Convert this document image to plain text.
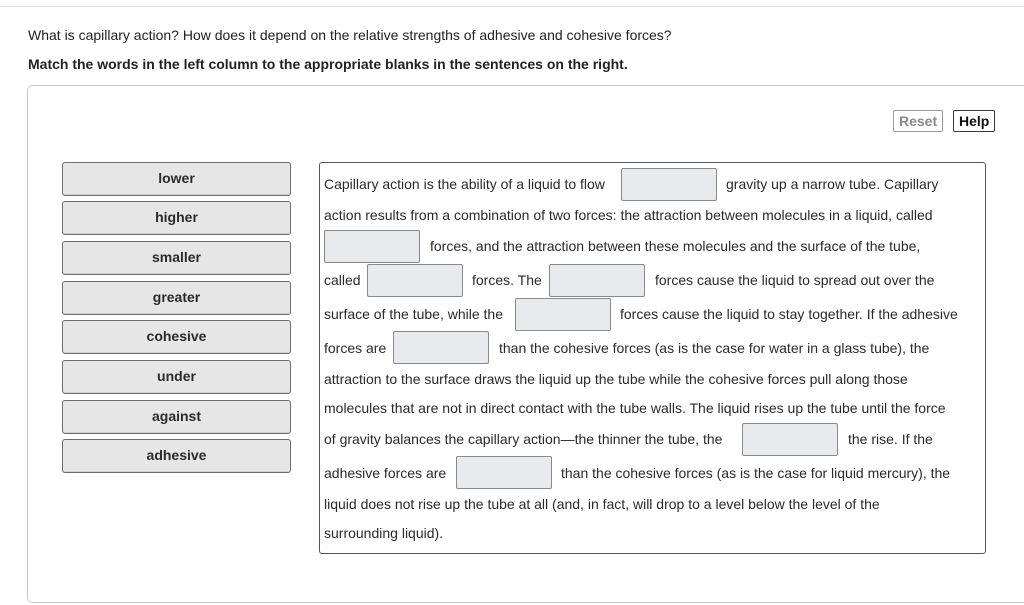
What is capillary action? How does it depend on the relative strengths of adhesive and cohesive forces?
Match the words in the left column to the appropriate blanks in the sentences on the right.
Reset	Help
lower
higher
smaller
greater
cohesive
under
against
adhesive
Capillary action is the ability of a liquid to flow	gravity up a narrow tube. Capillary
action results from a combination of two forces: the attraction between molecules in a liquid, called
forces, and the attraction between these molecules and the surface of the tube,
called	forces. The	forces cause the liquid to spread out over the
surface of the tube, while the	forces cause the liquid to stay together. If the adhesive
forces are	than the cohesive forces (as is the case for water in a glass tube), the
attraction to the surface draws the liquid up the tube while the cohesive forces pull along those
molecules that are not in direct contact with the tube walls. The liquid rises up the tube until the force
of gravity balances the capillary action—the thinner the tube, the	the rise. If the
adhesive forces are	than the cohesive forces (as is the case for liquid mercury), the
liquid does not rise up the tube at all (and, in fact, will drop to a level below the level of the
surrounding liquid).
